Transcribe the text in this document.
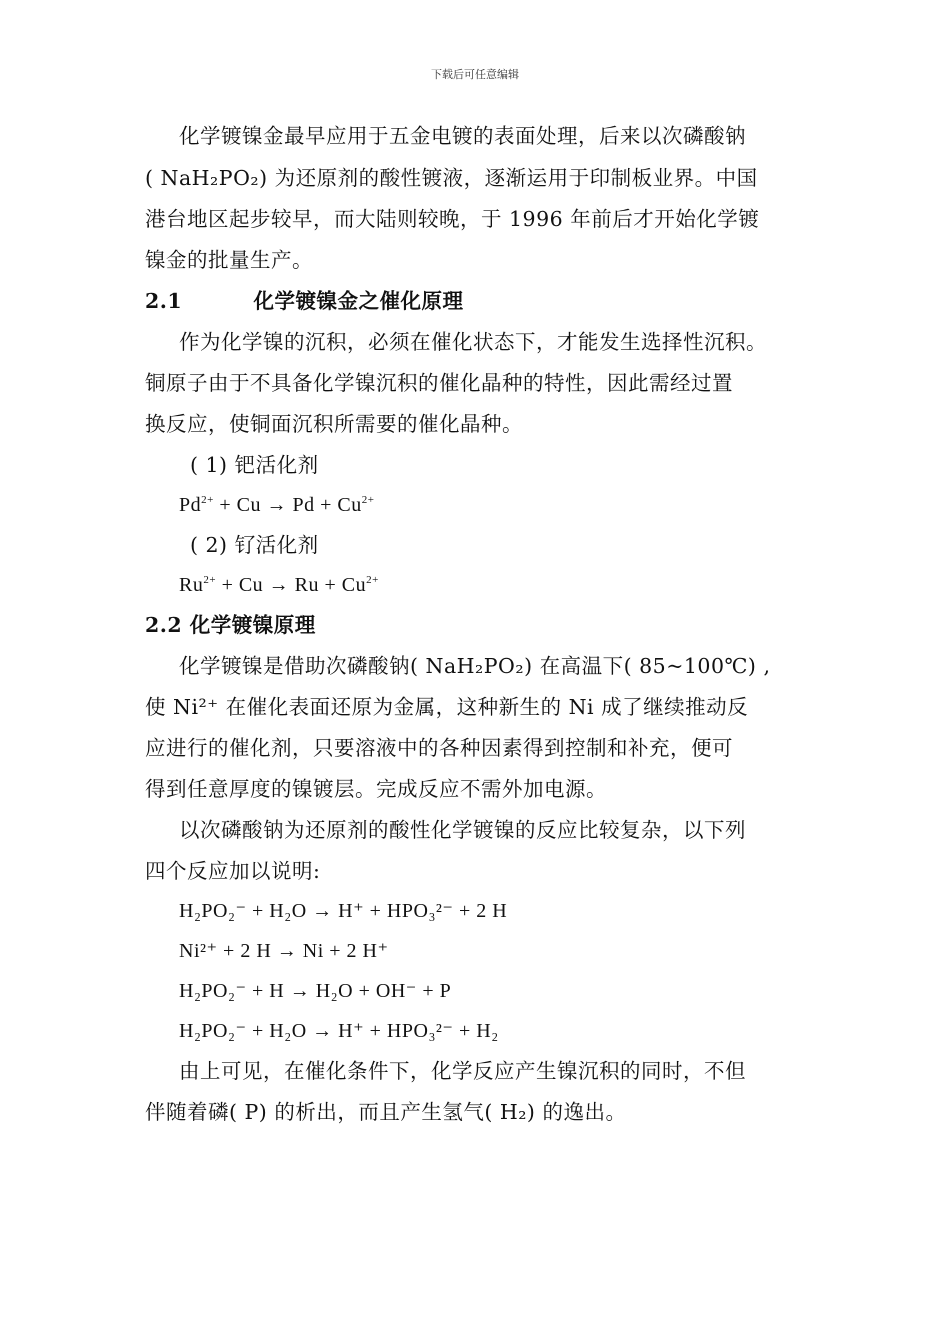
下载后可任意编辑
化学镀镍金最早应用于五金电镀的表面处理，后来以次磷酸钠
( NaH₂PO₂) 为还原剂的酸性镀液，逐渐运用于印制板业界。中国
港台地区起步较早，而大陆则较晚，于 1996 年前后才开始化学镀
镍金的批量生产。
2.1	化学镀镍金之催化原理
作为化学镍的沉积，必须在催化状态下，才能发生选择性沉积。
铜原子由于不具备化学镍沉积的催化晶种的特性，因此需经过置
换反应，使铜面沉积所需要的催化晶种。
( 1) 钯活化剂
$Pd^{2+} + Cu \to Pd + Cu^{2+}$
( 2) 钌活化剂
$Ru^{2+} + Cu \to Ru + Cu^{2+}$
2.2 化学镀镍原理
化学镀镍是借助次磷酸钠( NaH₂PO₂) 在高温下( 85~100℃) ,
使 Ni²⁺ 在催化表面还原为金属，这种新生的 Ni 成了继续推动反
应进行的催化剂，只要溶液中的各种因素得到控制和补充，便可
得到任意厚度的镍镀层。完成反应不需外加电源。
以次磷酸钠为还原剂的酸性化学镀镍的反应比较复杂，以下列
四个反应加以说明:
H₂PO₂⁻ + H₂O → H⁺ + HPO₃²⁻ + 2 H
Ni²⁺ + 2 H → Ni + 2 H⁺
H₂PO₂⁻ + H → H₂O + OH⁻ + P
H₂PO₂⁻ + H₂O → H⁺ + HPO₃²⁻ + H₂
由上可见，在催化条件下，化学反应产生镍沉积的同时，不但
伴随着磷( P) 的析出，而且产生氢气( H₂) 的逸出。
